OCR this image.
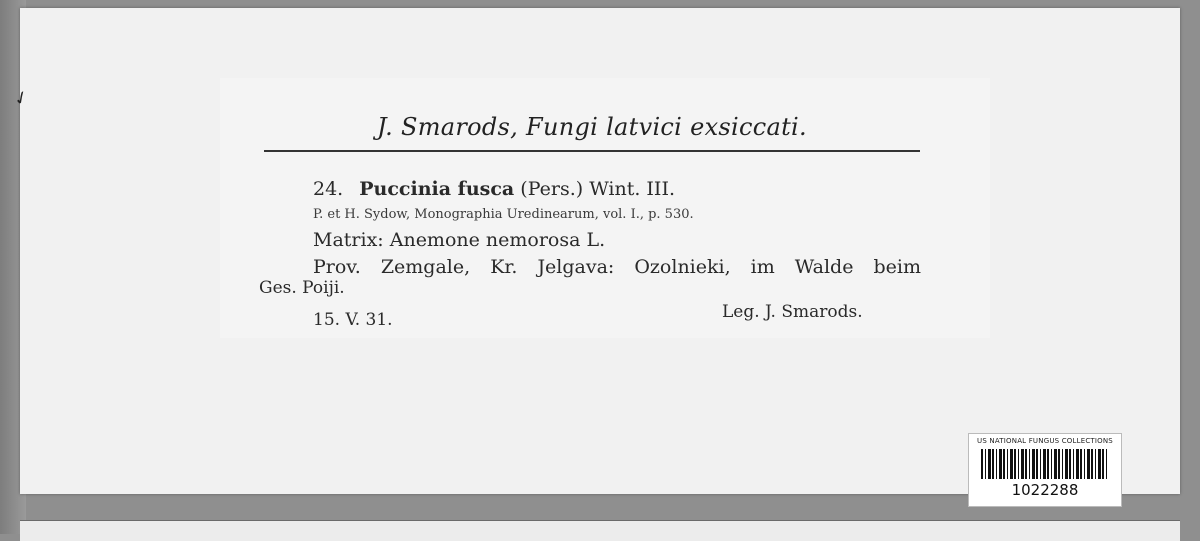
✓
J. Smarods, Fungi latvici exsiccati.
24. Puccinia fusca (Pers.) Wint. III.
P. et H. Sydow, Monographia Uredinearum, vol. I., p. 530.
Matrix: Anemone nemorosa L.
Prov. Zemgale, Kr. Jelgava: Ozolnieki, im Walde beim
Ges. Poiji.
15. V. 31.	Leg. J. Smarods.
US NATIONAL FUNGUS COLLECTIONS
1022288
